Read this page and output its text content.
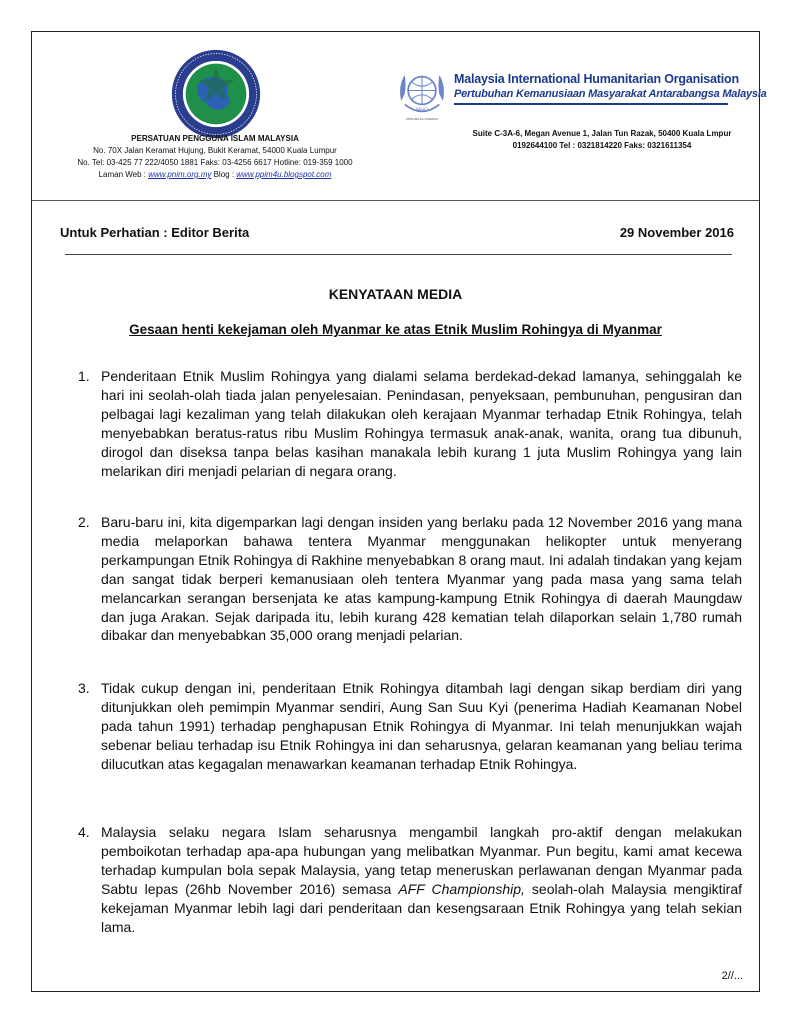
PERSATUAN PENGGUNA ISLAM MALAYSIA
No. 70X Jalan Keramat Hujung, Bukit Keramat, 54000 Kuala Lumpur
No. Tel: 03-425 77 222/4050 1881 Faks: 03-4256 6617 Hotline: 019-359 1000
Laman Web : www.pnim.org.my Blog : www.ppim4u.blogspot.com
MHO
PPM-026-10-17022014
Malaysia International Humanitarian Organisation
Pertubuhan Kemanusiaan Masyarakat Antarabangsa Malaysia
Suite C-3A-6, Megan Avenue 1, Jalan Tun Razak, 50400 Kuala Lmpur
0192644100 Tel : 0321814220 Faks: 0321611354
Untuk Perhatian : Editor Berita	29 November 2016
KENYATAAN MEDIA
Gesaan henti kekejaman oleh Myanmar ke atas Etnik Muslim Rohingya di Myanmar
1. Penderitaan Etnik Muslim Rohingya yang dialami selama berdekad-dekad lamanya, sehinggalah ke hari ini seolah-olah tiada jalan penyelesaian. Penindasan, penyeksaan, pembunuhan, pengusiran dan pelbagai lagi kezaliman yang telah dilakukan oleh kerajaan Myanmar terhadap Etnik Rohingya, telah menyebabkan beratus-ratus ribu Muslim Rohingya termasuk anak-anak, wanita, orang tua dibunuh, dirogol dan diseksa tanpa belas kasihan manakala lebih kurang 1 juta Muslim Rohingya yang lain melarikan diri menjadi pelarian di negara orang.
2. Baru-baru ini, kita digemparkan lagi dengan insiden yang berlaku pada 12 November 2016 yang mana media melaporkan bahawa tentera Myanmar menggunakan helikopter untuk menyerang perkampungan Etnik Rohingya di Rakhine menyebabkan 8 orang maut. Ini adalah tindakan yang kejam dan sangat tidak berperi kemanusiaan oleh tentera Myanmar yang pada masa yang sama telah melancarkan serangan bersenjata ke atas kampung-kampung Etnik Rohingya di daerah Maungdaw dan juga Arakan. Sejak daripada itu, lebih kurang 428 kematian telah dilaporkan selain 1,780 rumah dibakar dan menyebabkan 35,000 orang menjadi pelarian.
3. Tidak cukup dengan ini, penderitaan Etnik Rohingya ditambah lagi dengan sikap berdiam diri yang ditunjukkan oleh pemimpin Myanmar sendiri, Aung San Suu Kyi (penerima Hadiah Keamanan Nobel pada tahun 1991) terhadap penghapusan Etnik Rohingya di Myanmar. Ini telah menunjukkan wajah sebenar beliau terhadap isu Etnik Rohingya ini dan seharusnya, gelaran keamanan yang beliau terima dilucutkan atas kegagalan menawarkan keamanan terhadap Etnik Rohingya.
4. Malaysia selaku negara Islam seharusnya mengambil langkah pro-aktif dengan melakukan pemboikotan terhadap apa-apa hubungan yang melibatkan Myanmar. Pun begitu, kami amat kecewa terhadap kumpulan bola sepak Malaysia, yang tetap meneruskan perlawanan dengan Myanmar pada Sabtu lepas (26hb November 2016) semasa AFF Championship, seolah-olah Malaysia mengiktiraf kekejaman Myanmar lebih lagi dari penderitaan dan kesengsaraan Etnik Rohingya yang telah sekian lama.
2//...
